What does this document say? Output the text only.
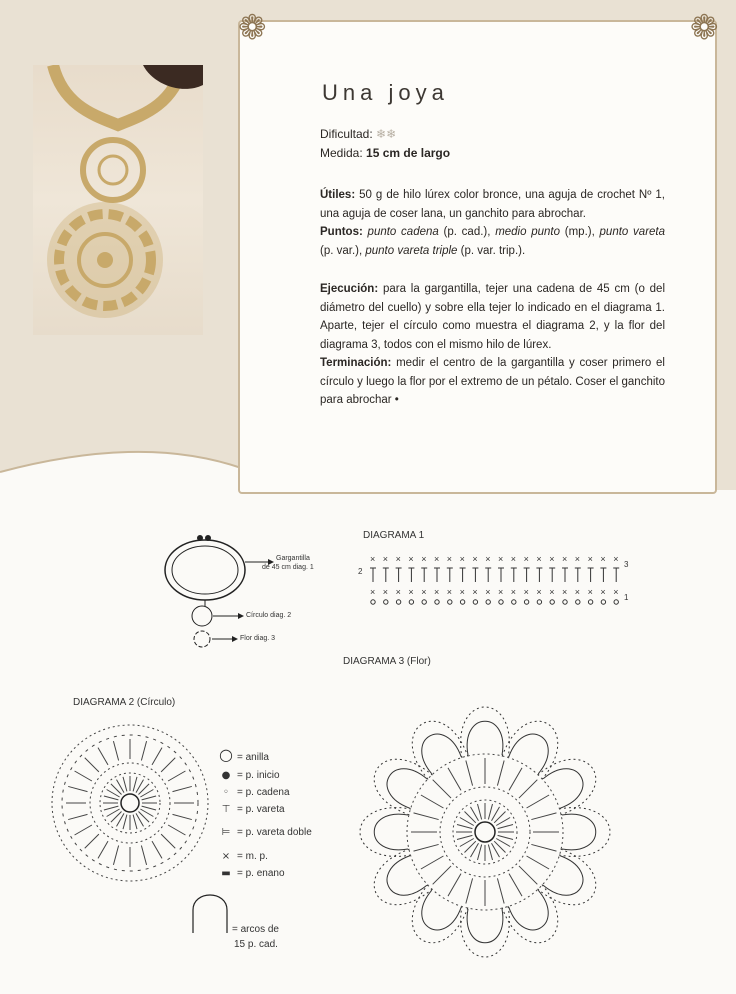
❁	❁
Una joya
Dificultad: ❄❄
Medida: 15 cm de largo
Útiles: 50 g de hilo lúrex color bronce, una aguja de crochet Nº 1, una aguja de coser lana, un ganchito para abrochar.
Puntos: punto cadena (p. cad.), medio punto (mp.), punto vareta (p. var.), punto vareta triple (p. var. trip.).
Ejecución: para la gargantilla, tejer una cadena de 45 cm (o del diámetro del cuello) y sobre ella tejer lo indicado en el diagrama 1. Aparte, tejer el círculo como muestra el diagrama 2, y la flor del diagrama 3, todos con el mismo hilo de lúrex.
Terminación: medir el centro de la gargantilla y coser primero el círculo y luego la flor por el extremo de un pétalo. Coser el ganchito para abrochar •
Gargantilla
de 45 cm diag. 1
Círculo diag. 2
Flor diag. 3
DIAGRAMA 1
×
×
×
×
×
×
×
×
×
×
×
×
×
×
×
×
×
×
×
×
×
×
×
×
×
×
×
×
×
×
×
×
×
×
×
×
×
×
×
×
2
3
1
DIAGRAMA 2 (Círculo)
○ = anilla
● = p. inicio
◦ = p. cadena
⊤ = p. vareta
⊨ = p. vareta doble
× = m. p.
▬ = p. enano
= arcos de
15 p. cad.
DIAGRAMA 3 (Flor)
